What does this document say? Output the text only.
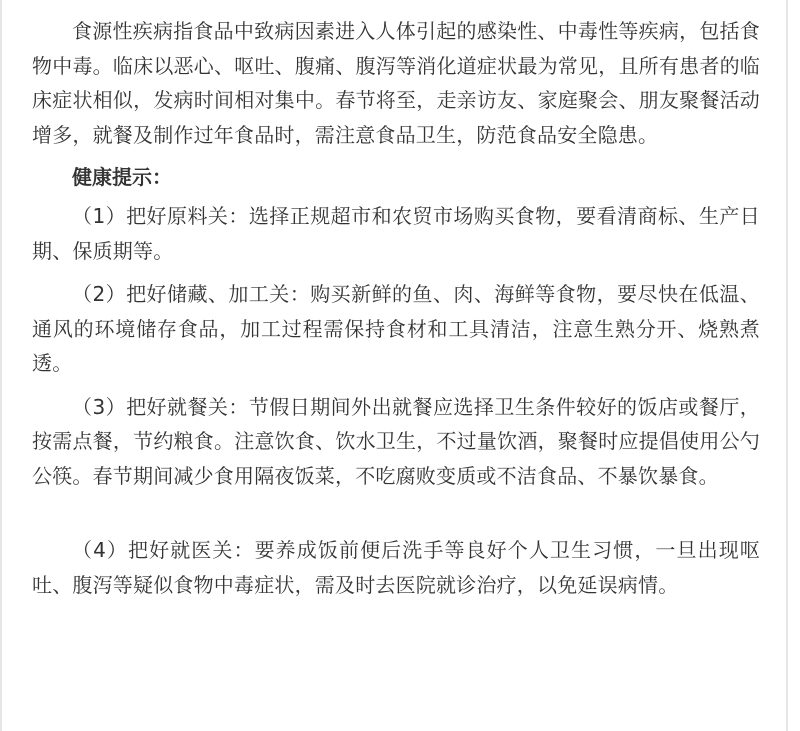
食源性疾病指食品中致病因素进入人体引起的感染性、中毒性等疾病，包括食物中毒。临床以恶心、呕吐、腹痛、腹泻等消化道症状最为常见，且所有患者的临床症状相似，发病时间相对集中。春节将至，走亲访友、家庭聚会、朋友聚餐活动增多，就餐及制作过年食品时，需注意食品卫生，防范食品安全隐患。

健康提示：

（1）把好原料关：选择正规超市和农贸市场购买食物，要看清商标、生产日期、保质期等。

（2）把好储藏、加工关：购买新鲜的鱼、肉、海鲜等食物，要尽快在低温、通风的环境储存食品，加工过程需保持食材和工具清洁，注意生熟分开、烧熟煮透。

（3）把好就餐关：节假日期间外出就餐应选择卫生条件较好的饭店或餐厅，按需点餐，节约粮食。注意饮食、饮水卫生，不过量饮酒，聚餐时应提倡使用公勺公筷。春节期间减少食用隔夜饭菜，不吃腐败变质或不洁食品、不暴饮暴食。

（4）把好就医关：要养成饭前便后洗手等良好个人卫生习惯，一旦出现呕吐、腹泻等疑似食物中毒症状，需及时去医院就诊治疗，以免延误病情。
